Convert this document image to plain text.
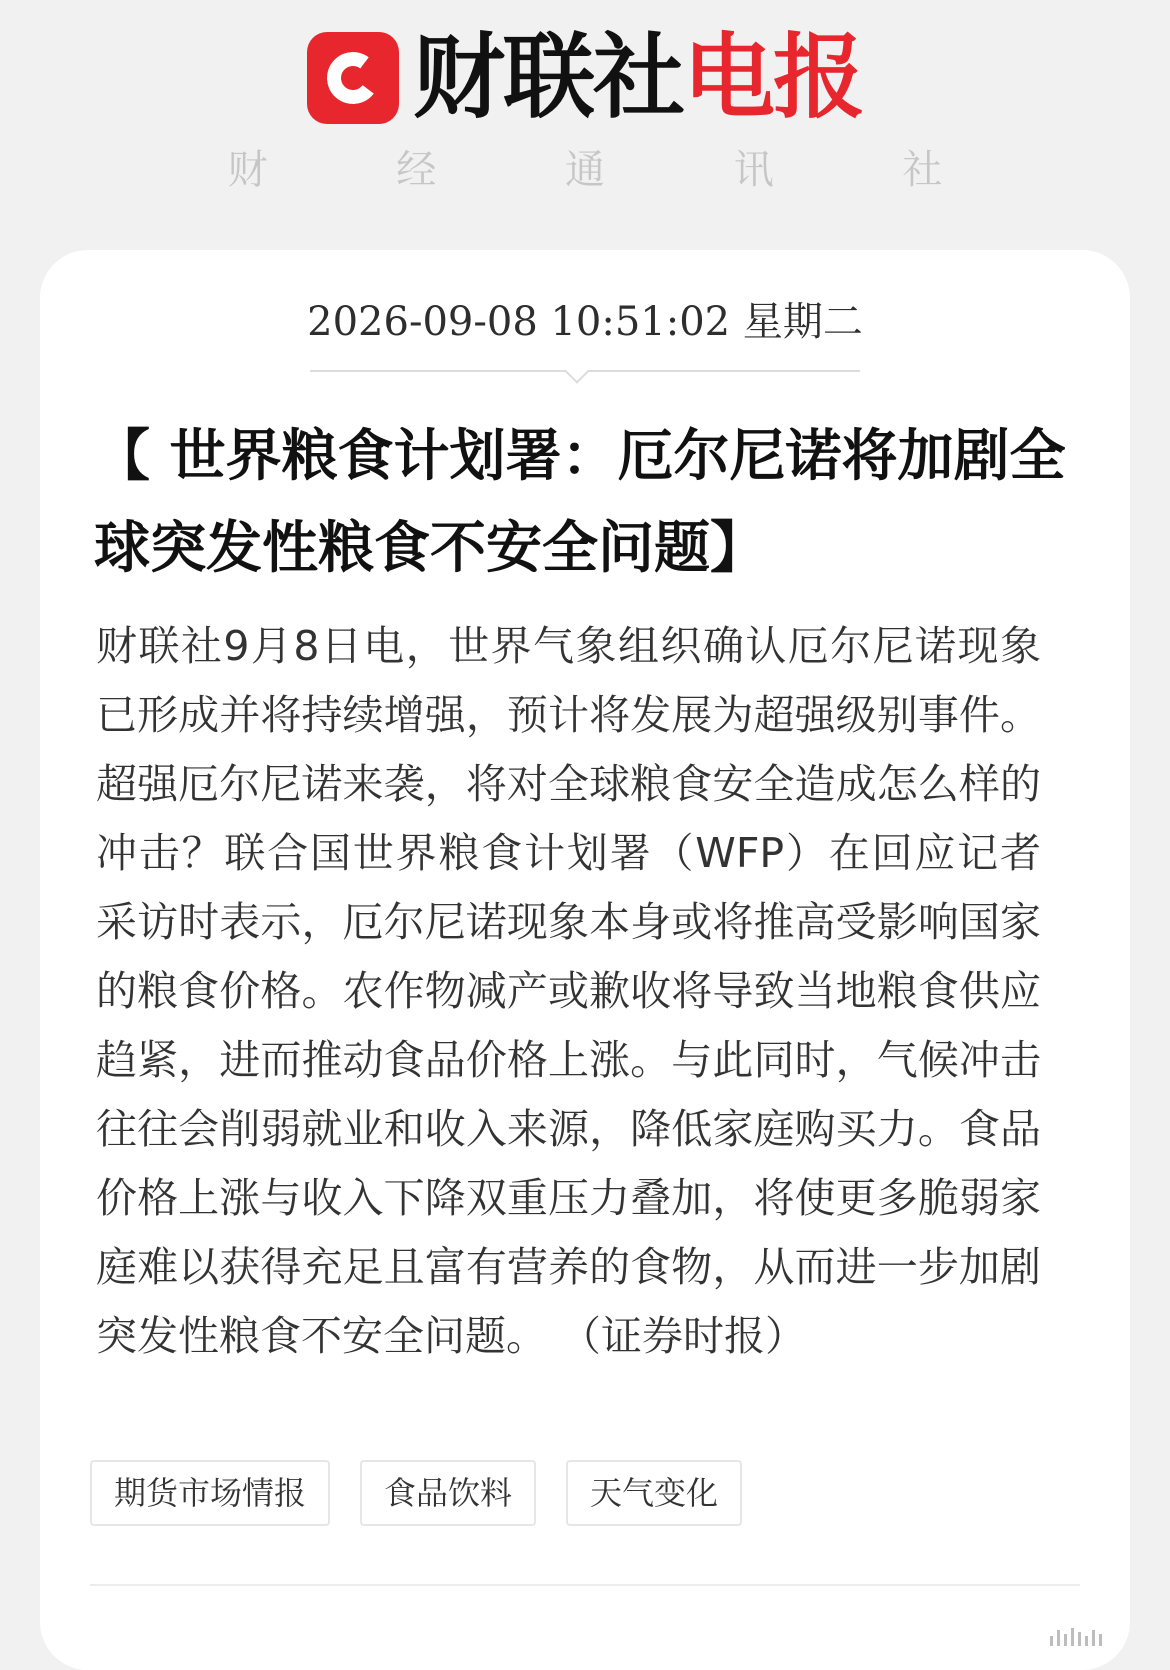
财联社 电报
财 经 通 讯 社
2026-09-08 10:51:02 星期二
【 世界粮食计划署：厄尔尼诺将加剧全球突发性粮食不安全问题】

财联社9月8日电，世界气象组织确认厄尔尼诺现象已形成并将持续增强，预计将发展为超强级别事件。超强厄尔尼诺来袭，将对全球粮食安全造成怎么样的冲击？联合国世界粮食计划署（WFP）在回应记者采访时表示，厄尔尼诺现象本身或将推高受影响国家的粮食价格。农作物减产或歉收将导致当地粮食供应趋紧，进而推动食品价格上涨。与此同时，气候冲击往往会削弱就业和收入来源，降低家庭购买力。食品价格上涨与收入下降双重压力叠加，将使更多脆弱家庭难以获得充足且富有营养的食物，从而进一步加剧突发性粮食不安全问题。 （证券时报）

期货市场情报	食品饮料	天气变化
